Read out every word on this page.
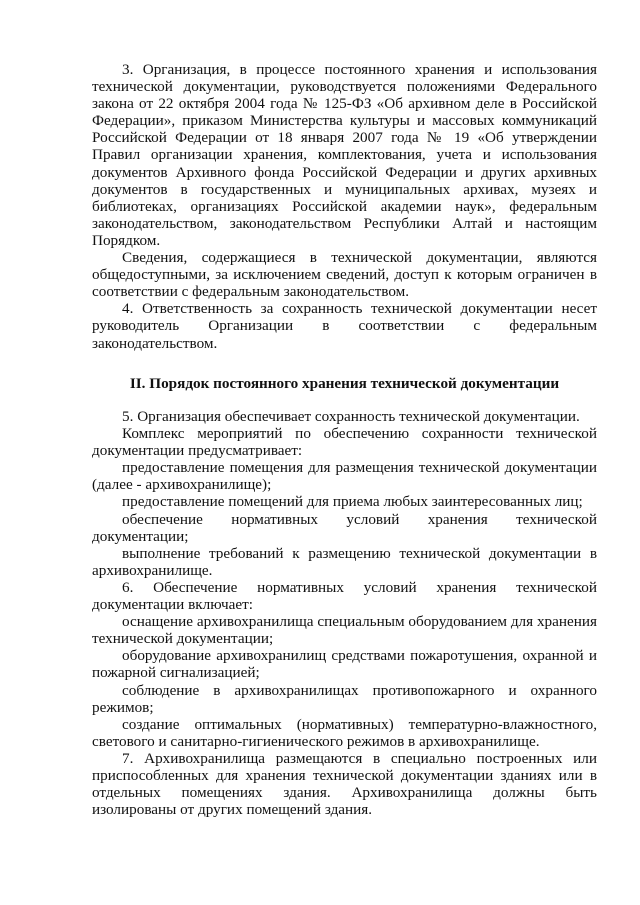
3. Организация, в процессе постоянного хранения и использования технической документации, руководствуется положениями Федерального закона от 22 октября 2004 года № 125-ФЗ «Об архивном деле в Российской Федерации», приказом Министерства культуры и массовых коммуникаций Российской Федерации от 18 января 2007 года № 19 «Об утверждении Правил организации хранения, комплектования, учета и использования документов Архивного фонда Российской Федерации и других архивных документов в государственных и муниципальных архивах, музеях и библиотеках, организациях Российской академии наук», федеральным законодательством, законодательством Республики Алтай и настоящим Порядком.

Сведения, содержащиеся в технической документации, являются общедоступными, за исключением сведений, доступ к которым ограничен в соответствии с федеральным законодательством.

4. Ответственность за сохранность технической документации несет руководитель Организации в соответствии с федеральным законодательством.

II. Порядок постоянного хранения технической документации

5. Организация обеспечивает сохранность технической документации.

Комплекс мероприятий по обеспечению сохранности технической документации предусматривает:

предоставление помещения для размещения технической документации (далее - архивохранилище);

предоставление помещений для приема любых заинтересованных лиц;

обеспечение нормативных условий хранения технической документации;

выполнение требований к размещению технической документации в архивохранилище.

6. Обеспечение нормативных условий хранения технической документации включает:

оснащение архивохранилища специальным оборудованием для хранения технической документации;

оборудование архивохранилищ средствами пожаротушения, охранной и пожарной сигнализацией;

соблюдение в архивохранилищах противопожарного и охранного режимов;

создание оптимальных (нормативных) температурно-влажностного, светового и санитарно-гигиенического режимов в архивохранилище.

7. Архивохранилища размещаются в специально построенных или приспособленных для хранения технической документации зданиях или в отдельных помещениях здания. Архивохранилища должны быть изолированы от других помещений здания.
